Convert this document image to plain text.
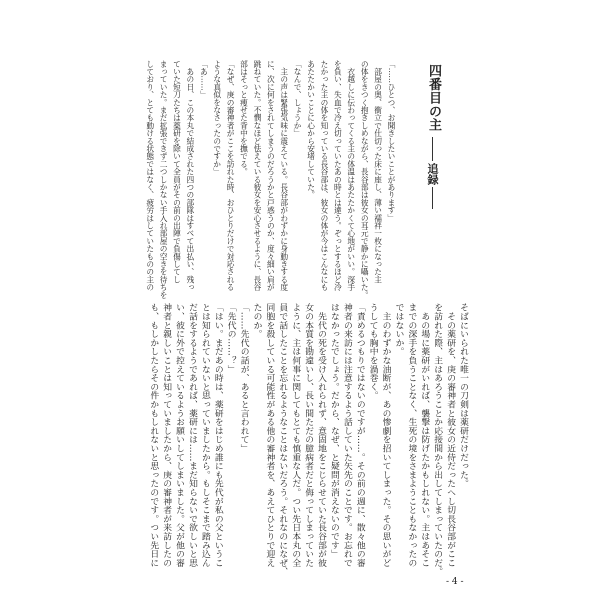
四番目の主
追録
「……ひとつ、お聞きしたいことがあります」
　部屋の奥、衝立で仕切った床に座し、薄い襦袢一枚になった主
の体をきつく抱きしめながら、長谷部は彼女の耳元で静かに囁いた。
　衣越しに伝わってくる主の体温はあたたかくて心地がいい。深手
を負い、失血で冷え切っていたあの時とは違う。ぞっとするほど冷
たかった主の体を知っている長谷部は、彼女の体が今はこんなにも
あたたかいことに心から安堵していた。
「なんで、しょうか」
　主の声は緊張気味に震えている。長谷部がわずかに身動きする度
に、次に何をされてしまうのだろうかと戸惑うのか、度々細い肩が
跳ねていた。不憫なほど怯えている彼女を安心させるように、長谷
部はそっと痩せた背中を撫でる。
「なぜ、庚の審神者がここを訪れた時、おひとりだけで対応される
ような真似をなさったのですか」
「あ……」
　あの日、この本丸で結成された四つの部隊はすべて出払い、残っ
ていた短刀たちは薬研を除いて全員がその前の出陣で負傷してし
まっていた。まだ拡張できず二つしかない手入れ部屋の空きを待ちを
しており、とても動ける状態ではなく、疲労はしていたものの主の
そばにいられた唯一の刀剣は薬研だけだった。
　その薬研を、庚の審神者と彼女の近侍だったへし切長谷部がここ
を訪れた際、主はあろうことか応接間から出してしまっていたのだ。
　あの場に薬研がいれば、襲撃は防げたかもしれない。主はあそこ
までの深手を負うことなく、生死の境をさまようこともなかったの
ではないか。
　主のわずかな油断が、あの惨劇を招いてしまった。その思いがど
うしても胸中を渦巻く。
「責めるつもりではないのですが……。その前の週に、散々他の審
神者の来訪には注意するよう話していた矢先のことです。お忘れで
はなかったでしょう。だから、なぜ、と疑問が消えないのです」
　先代の死を受け入れられず、意固地をこじらせていた長谷部が彼
女の本質を勘違いし、長い間ただの臆病者だと侮ってしまっていた
ように、主は何事に関してもとても慎重な人だ。つい先日本丸の全
員で話したことを忘れるようなことはないだろう。それなのになぜ、
同胞を殺している可能性がある他の審神者を、あえてひとりで迎え
たのか。
「……先代の話が、あると言われて」
「先代の……？」
「はい。まだあの時は、薬研をはじめ誰にも先代が私の父というこ
とは知られていないと思っていましたから。もしそこまで踏み込ん
だ話をするようであれば、薬研には……まだ知らないで欲しいと思
い、彼に外で控えているようお願いしてしまいました。父が他の審
神者と親しいことは知っていましたから、庚の審神者が来訪したの
も、もしかしたらその件かもしれないと思ったのです。つい先日に
- 4 -
